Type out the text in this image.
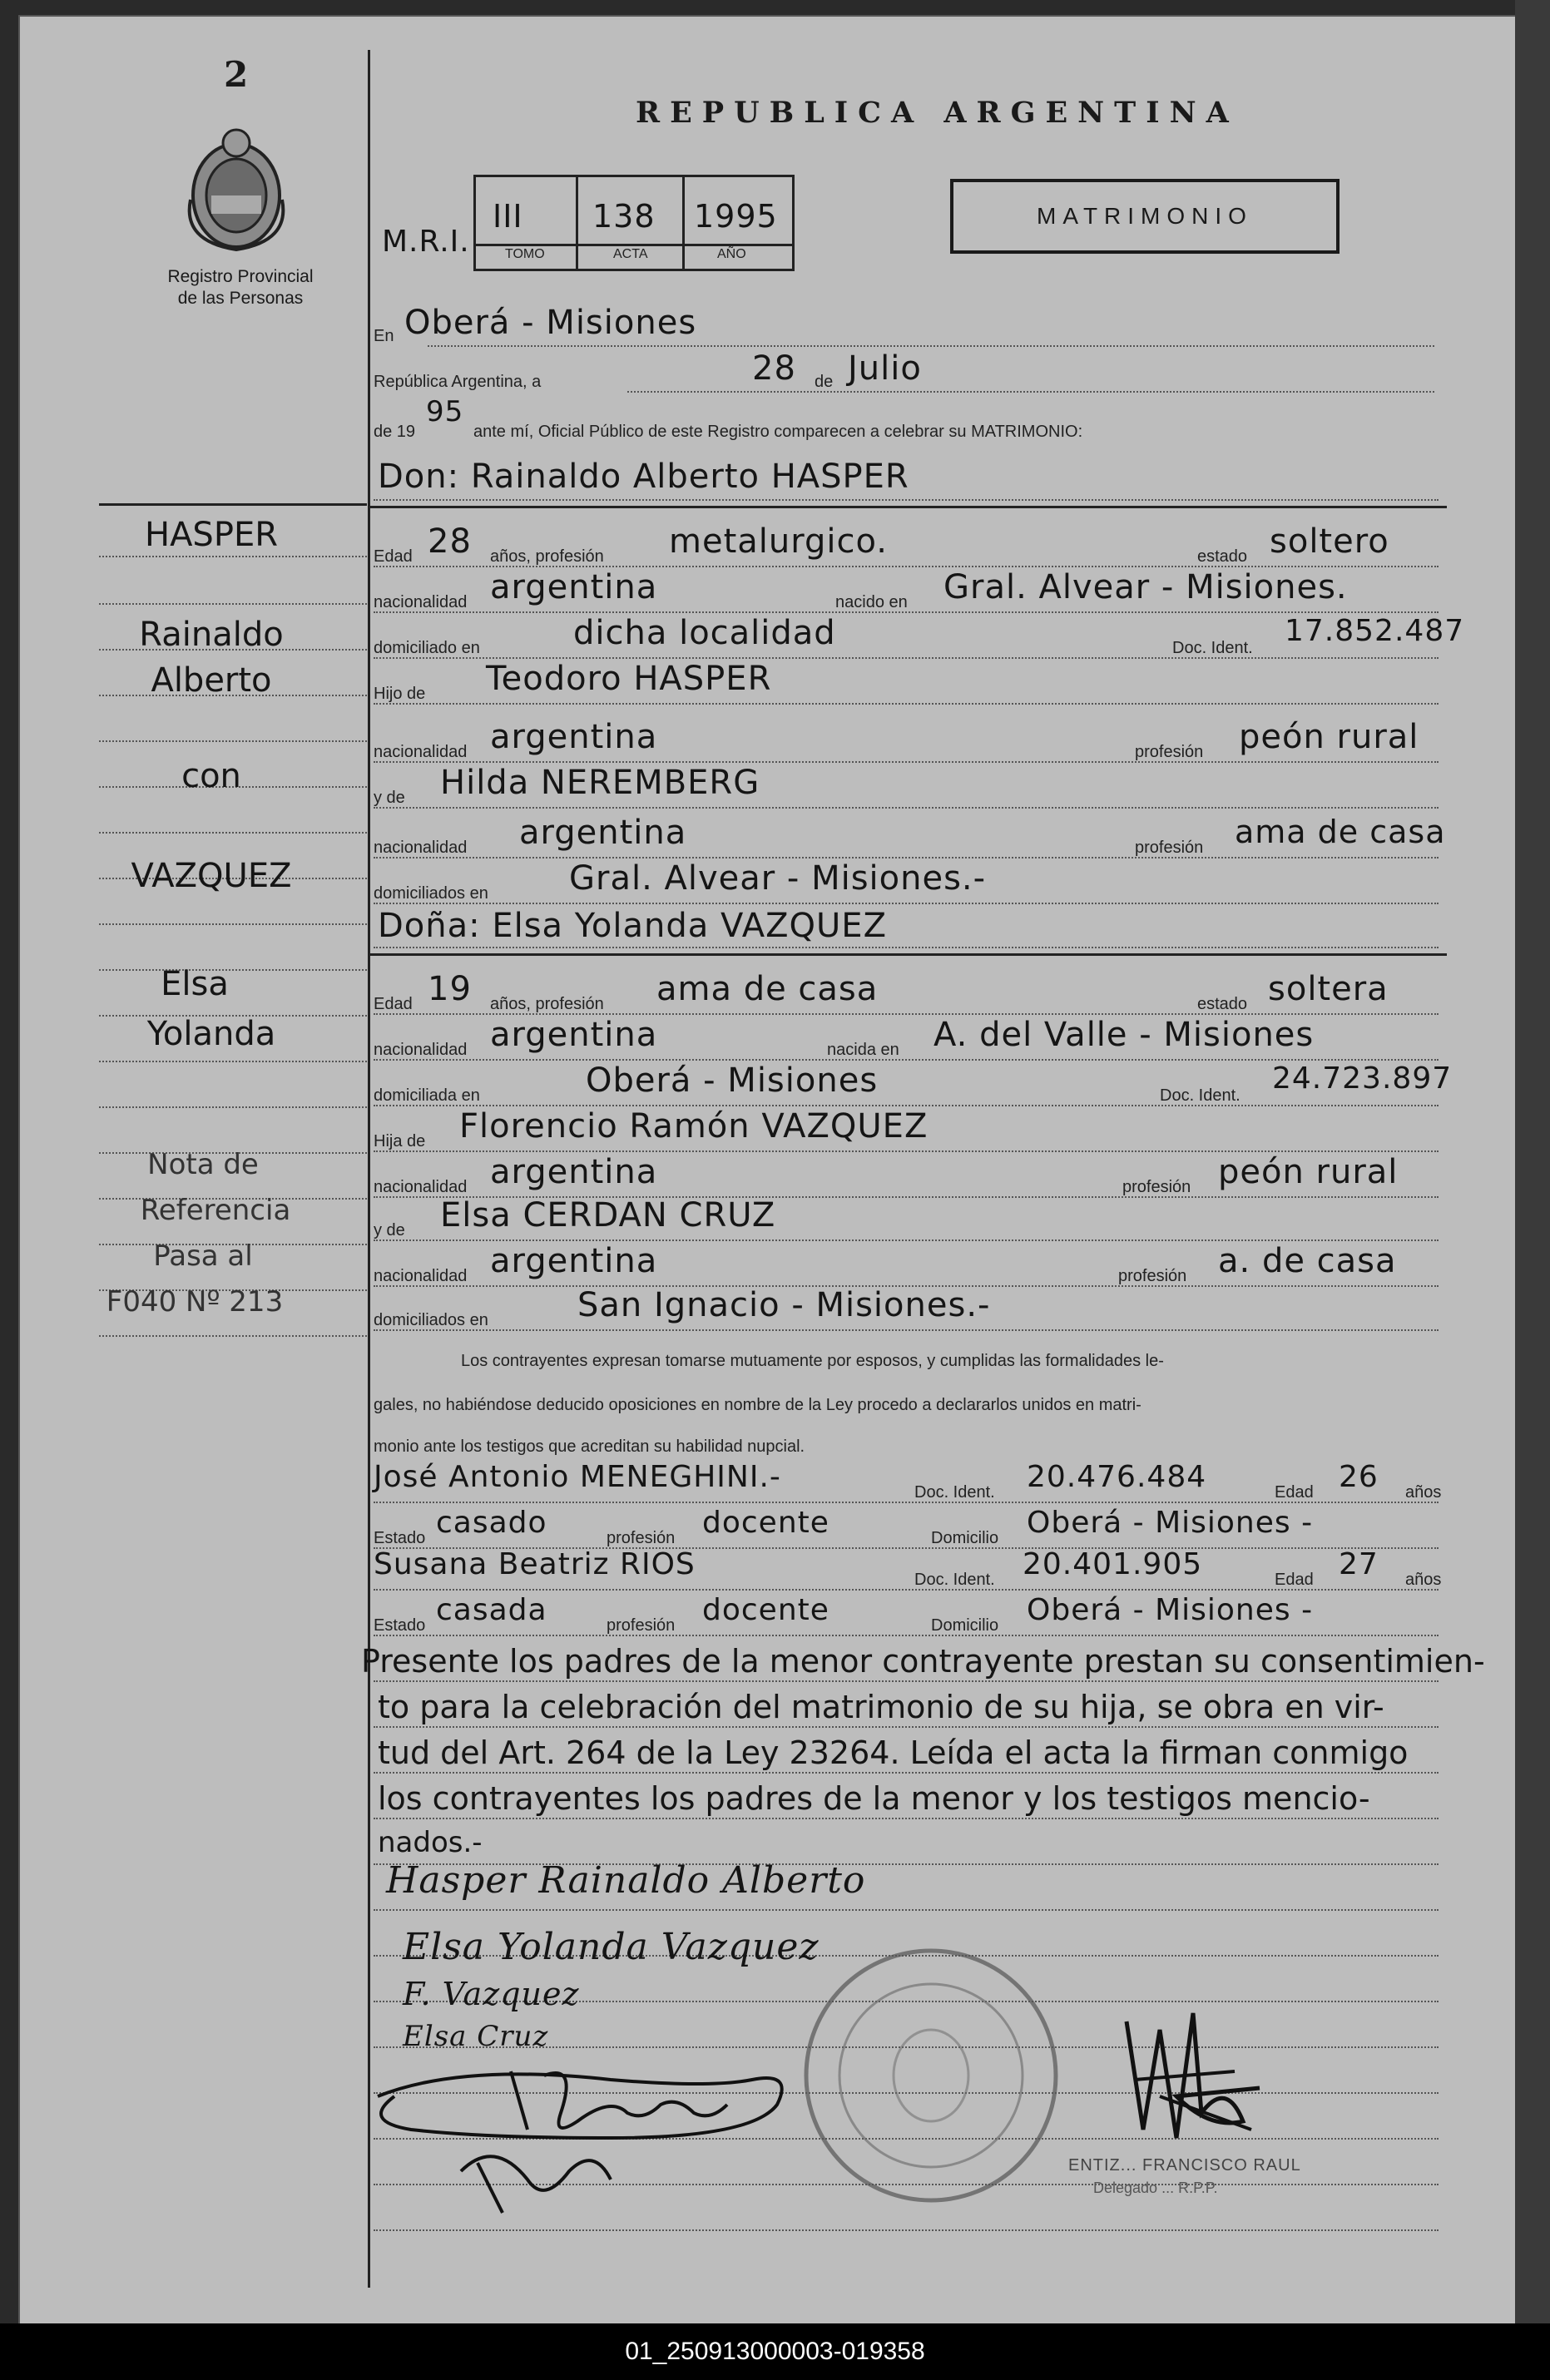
2
Registro Provincial
de las Personas
HASPER
Rainaldo
Alberto
con
VAZQUEZ
Elsa
Yolanda
Nota de
Referencia
Pasa al
F040 Nº 213
REPUBLICA ARGENTINA
MATRIMONIO
M.R.I.
III 138 1995
TOMO	ACTA	AÑO
En Oberá - Misiones
República Argentina, a	28 de Julio
de 19
95
ante mí, Oficial Público de este Registro comparecen a celebrar su MATRIMONIO:
Don: Rainaldo Alberto HASPER
Edad 28 años, profesión metalurgico.	estado soltero
nacionalidad argentina	nacido en Gral. Alvear - Misiones.
domiciliado en	dicha localidad	Doc. Ident. 17.852.487
Hijo de Teodoro HASPER
nacionalidad argentina	profesión peón rural
y de Hilda NEREMBERG
nacionalidad argentina	profesión ama de casa
domiciliados en Gral. Alvear - Misiones.-
Doña: Elsa Yolanda VAZQUEZ
Edad 19 años, profesión ama de casa	estado soltera
nacionalidad argentina	nacida en A. del Valle - Misiones
domiciliada en	Oberá - Misiones	Doc. Ident. 24.723.897
Hija de Florencio Ramón VAZQUEZ
nacionalidad argentina	profesión peón rural
y de Elsa CERDAN CRUZ
nacionalidad argentina	profesión a. de casa
domiciliados en	San Ignacio - Misiones.-
Los contrayentes expresan tomarse mutuamente por esposos, y cumplidas las formalidades le-
gales, no habiéndose deducido oposiciones en nombre de la Ley procedo a declararlos unidos en matri-
monio ante los testigos que acreditan su habilidad nupcial.
José Antonio MENEGHINI.-	Doc. Ident. 20.476.484	Edad 26 años
Estado casado	profesión docente	Domicilio Oberá - Misiones -
Susana Beatriz RIOS	Doc. Ident. 20.401.905	Edad 27 años
Estado casada	profesión docente	Domicilio Oberá - Misiones -
Presente los padres de la menor contrayente prestan su consentimien-
to para la celebración del matrimonio de su hija, se obra en vir-
tud del Art. 264 de la Ley 23264. Leída el acta la firman conmigo
los contrayentes los padres de la menor y los testigos mencio-
nados.-
Hasper Rainaldo Alberto
Elsa Yolanda Vazquez
F. Vazquez
Elsa Cruz
ENTIZ... FRANCISCO RAUL
Delegado ... R.P.P.
01_250913000003-019358
